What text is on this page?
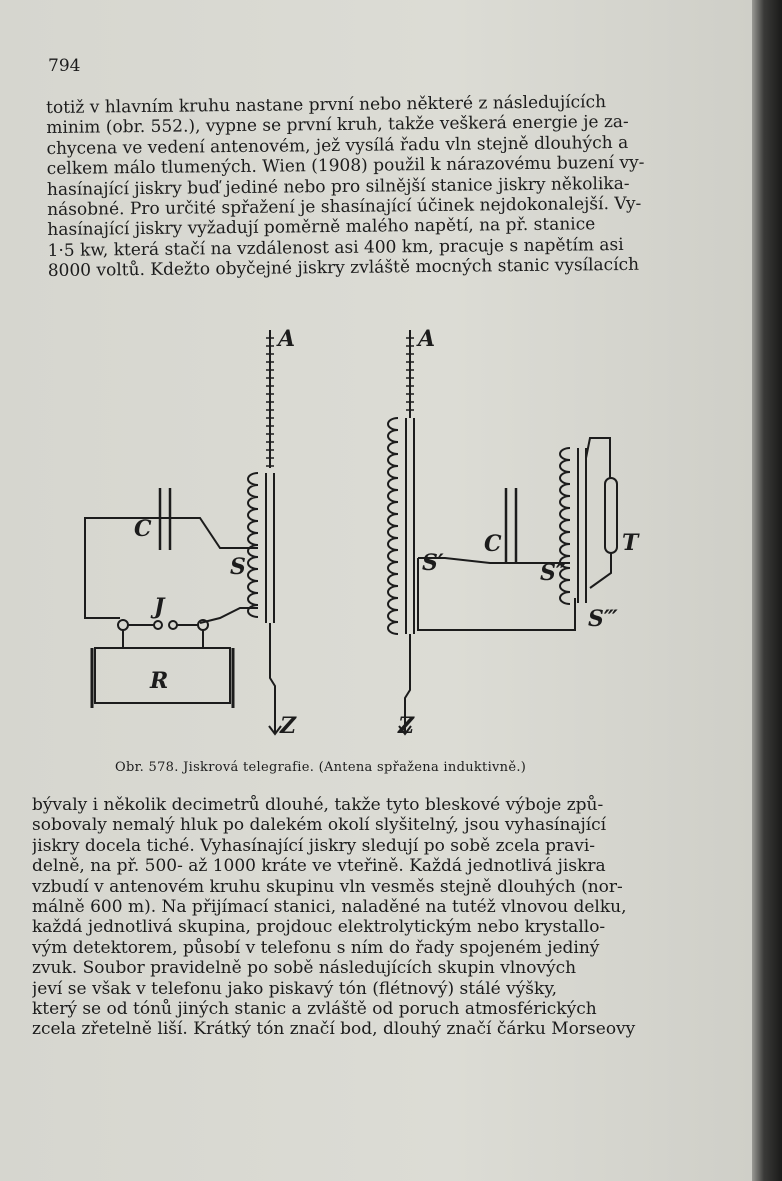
794

totiž v hlavním kruhu nastane první nebo některé z následujících
minim (obr. 552.), vypne se první kruh, takže veškerá energie je za-
chycena ve vedení antenovém, jež vysílá řadu vln stejně dlouhých a
celkem málo tlumených. Wien (1908) použil k nárazovému buzení vy-
hasínající jiskry buď jediné nebo pro silnější stanice jiskry několika-
násobné. Pro určité spřažení je shasínající účinek nejdokonalejší. Vy-
hasínající jiskry vyžadují poměrně malého napětí, na př. stanice
1·5 kw, která stačí na vzdálenost asi 400 km, pracuje s napětím asi
8000 voltů. Kdežto obyčejné jiskry zvláště mocných stanic vysílacích

A
C
S
J
R
Z
A
C
S′	S″
S‴
T
Z
Obr. 578. Jiskrová telegrafie. (Antena spřažena induktivně.)

bývaly i několik decimetrů dlouhé, takže tyto bleskové výboje způ-
sobovaly nemalý hluk po dalekém okolí slyšitelný, jsou vyhasínající
jiskry docela tiché. Vyhasínající jiskry sledují po sobě zcela pravi-
delně, na př. 500- až 1000 kráte ve vteřině. Každá jednotlivá jiskra
vzbudí v antenovém kruhu skupinu vln vesměs stejně dlouhých (nor-
málně 600 m). Na přijímací stanici, naladěné na tutéž vlnovou delku,
každá jednotlivá skupina, projdouc elektrolytickým nebo krystallo-
vým detektorem, působí v telefonu s ním do řady spojeném jediný
zvuk. Soubor pravidelně po sobě následujících skupin vlnových
jeví se však v telefonu jako piskavý tón (flétnový) stálé výšky,
který se od tónů jiných stanic a zvláště od poruch atmosférických
zcela zřetelně liší. Krátký tón značí bod, dlouhý značí čárku Morseovy
